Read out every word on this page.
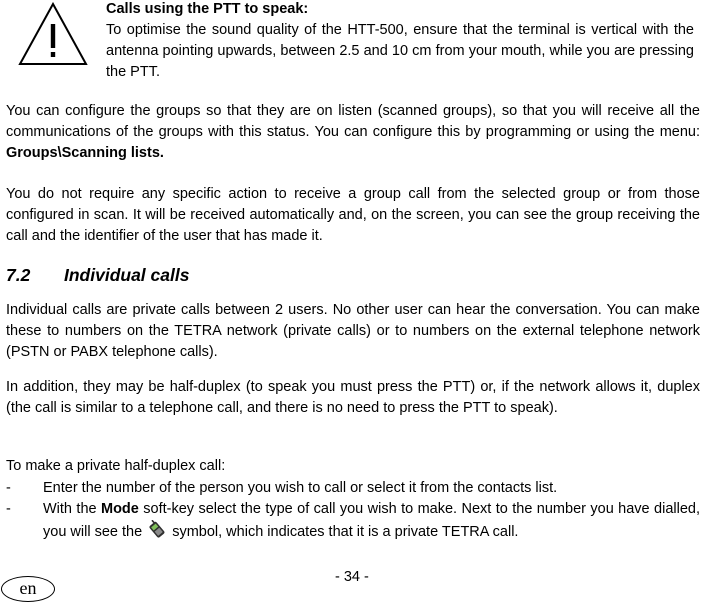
Calls using the PTT to speak:

To optimise the sound quality of the HTT-500, ensure that the terminal is vertical with the antenna pointing upwards, between 2.5 and 10 cm from your mouth, while you are pressing the PTT.

You can configure the groups so that they are on listen (scanned groups), so that you will receive all the communications of the groups with this status. You can configure this by programming or using the menu: Groups\Scanning lists.

You do not require any specific action to receive a group call from the selected group or from those configured in scan. It will be received automatically and, on the screen, you can see the group receiving the call and the identifier of the user that has made it.

7.2 Individual calls

Individual calls are private calls between 2 users. No other user can hear the conversation. You can make these to numbers on the TETRA network (private calls) or to numbers on the external telephone network (PSTN or PABX telephone calls).

In addition, they may be half-duplex (to speak you must press the PTT) or, if the network allows it, duplex (the call is similar to a telephone call, and there is no need to press the PTT to speak).

To make a private half-duplex call:

-	Enter the number of the person you wish to call or select it from the contacts list.
-	With the Mode soft-key select the type of call you wish to make. Next to the number you have dialled, you will see the  symbol, which indicates that it is a private TETRA call.
- 34 -
en
